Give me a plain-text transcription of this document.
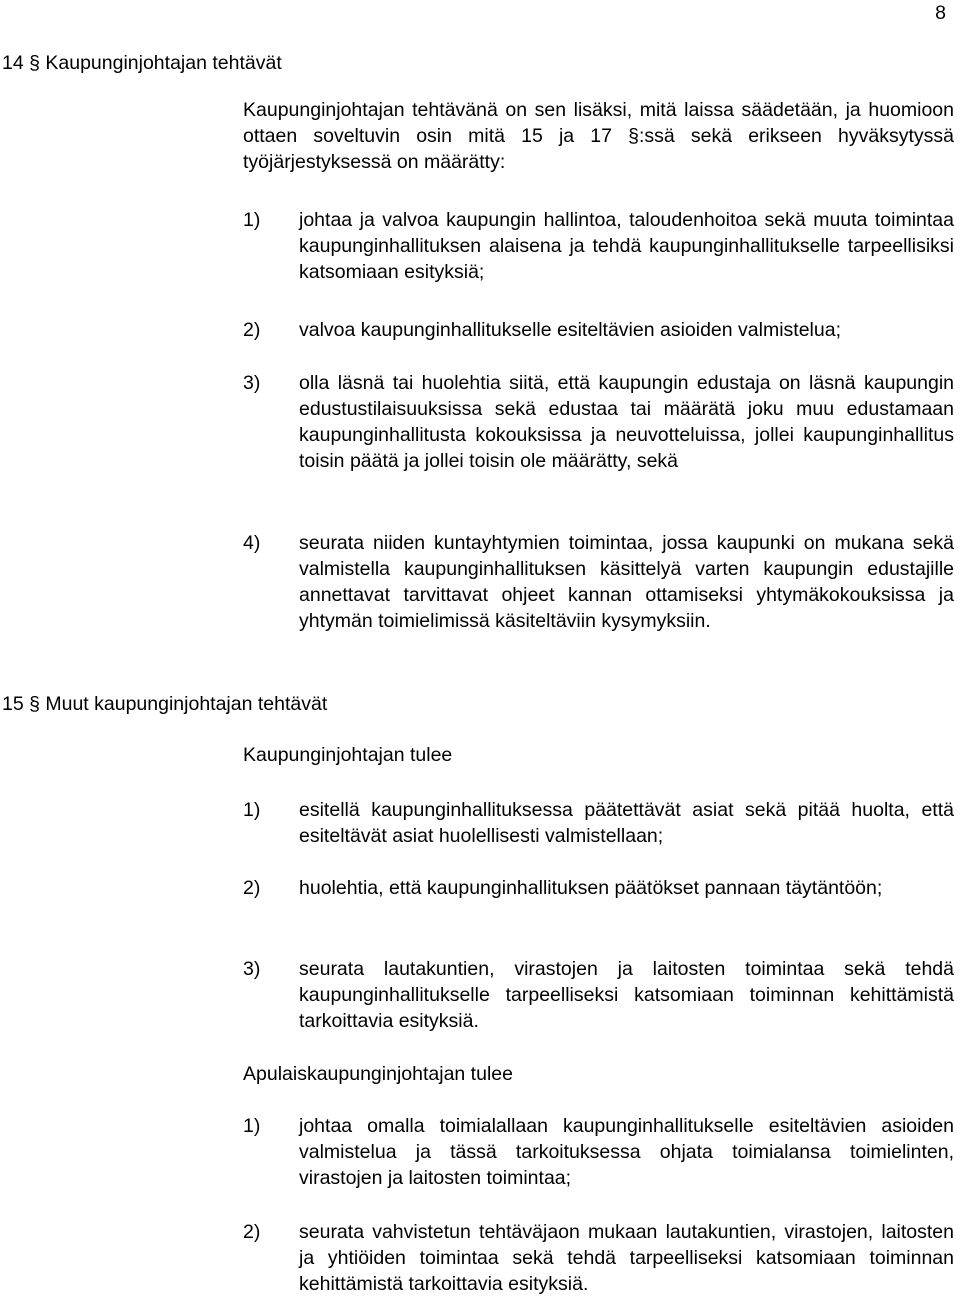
8
14 § Kaupunginjohtajan tehtävät

Kaupunginjohtajan tehtävänä on sen lisäksi, mitä laissa säädetään, ja huomioon ottaen soveltuvin osin mitä 15 ja 17 §:ssä sekä erikseen hyväksytyssä työjärjestyksessä on määrätty:

1)	johtaa ja valvoa kaupungin hallintoa, taloudenhoitoa sekä muuta toimintaa kaupunginhallituksen alaisena ja tehdä kaupunginhallitukselle tarpeellisiksi katsomiaan esityksiä;
2)	valvoa kaupunginhallitukselle esiteltävien asioiden valmistelua;
3)	olla läsnä tai huolehtia siitä, että kaupungin edustaja on läsnä kaupungin edustustilaisuuksissa sekä edustaa tai määrätä joku muu edustamaan kaupunginhallitusta kokouksissa ja neuvotteluissa, jollei kaupunginhallitus toisin päätä ja jollei toisin ole määrätty, sekä
4)	seurata niiden kuntayhtymien toimintaa, jossa kaupunki on mukana sekä valmistella kaupunginhallituksen käsittelyä varten kaupungin edustajille annettavat tarvittavat ohjeet kannan ottamiseksi yhtymäkokouksissa ja yhtymän toimielimissä käsiteltäviin kysymyksiin.
15 § Muut kaupunginjohtajan tehtävät

Kaupunginjohtajan tulee

1)	esitellä kaupunginhallituksessa päätettävät asiat sekä pitää huolta, että esiteltävät asiat huolellisesti valmistellaan;
2)	huolehtia, että kaupunginhallituksen päätökset pannaan täytäntöön;
3)	seurata lautakuntien, virastojen ja laitosten toimintaa sekä tehdä kaupunginhallitukselle tarpeelliseksi katsomiaan toiminnan kehittämistä tarkoittavia esityksiä.

Apulaiskaupunginjohtajan tulee

1)	johtaa omalla toimialallaan kaupunginhallitukselle esiteltävien asioiden valmistelua ja tässä tarkoituksessa ohjata toimialansa toimielinten, virastojen ja laitosten toimintaa;
2)	seurata vahvistetun tehtäväjaon mukaan lautakuntien, virastojen, laitosten ja yhtiöiden toimintaa sekä tehdä tarpeelliseksi katsomiaan toiminnan kehittämistä tarkoittavia esityksiä.
